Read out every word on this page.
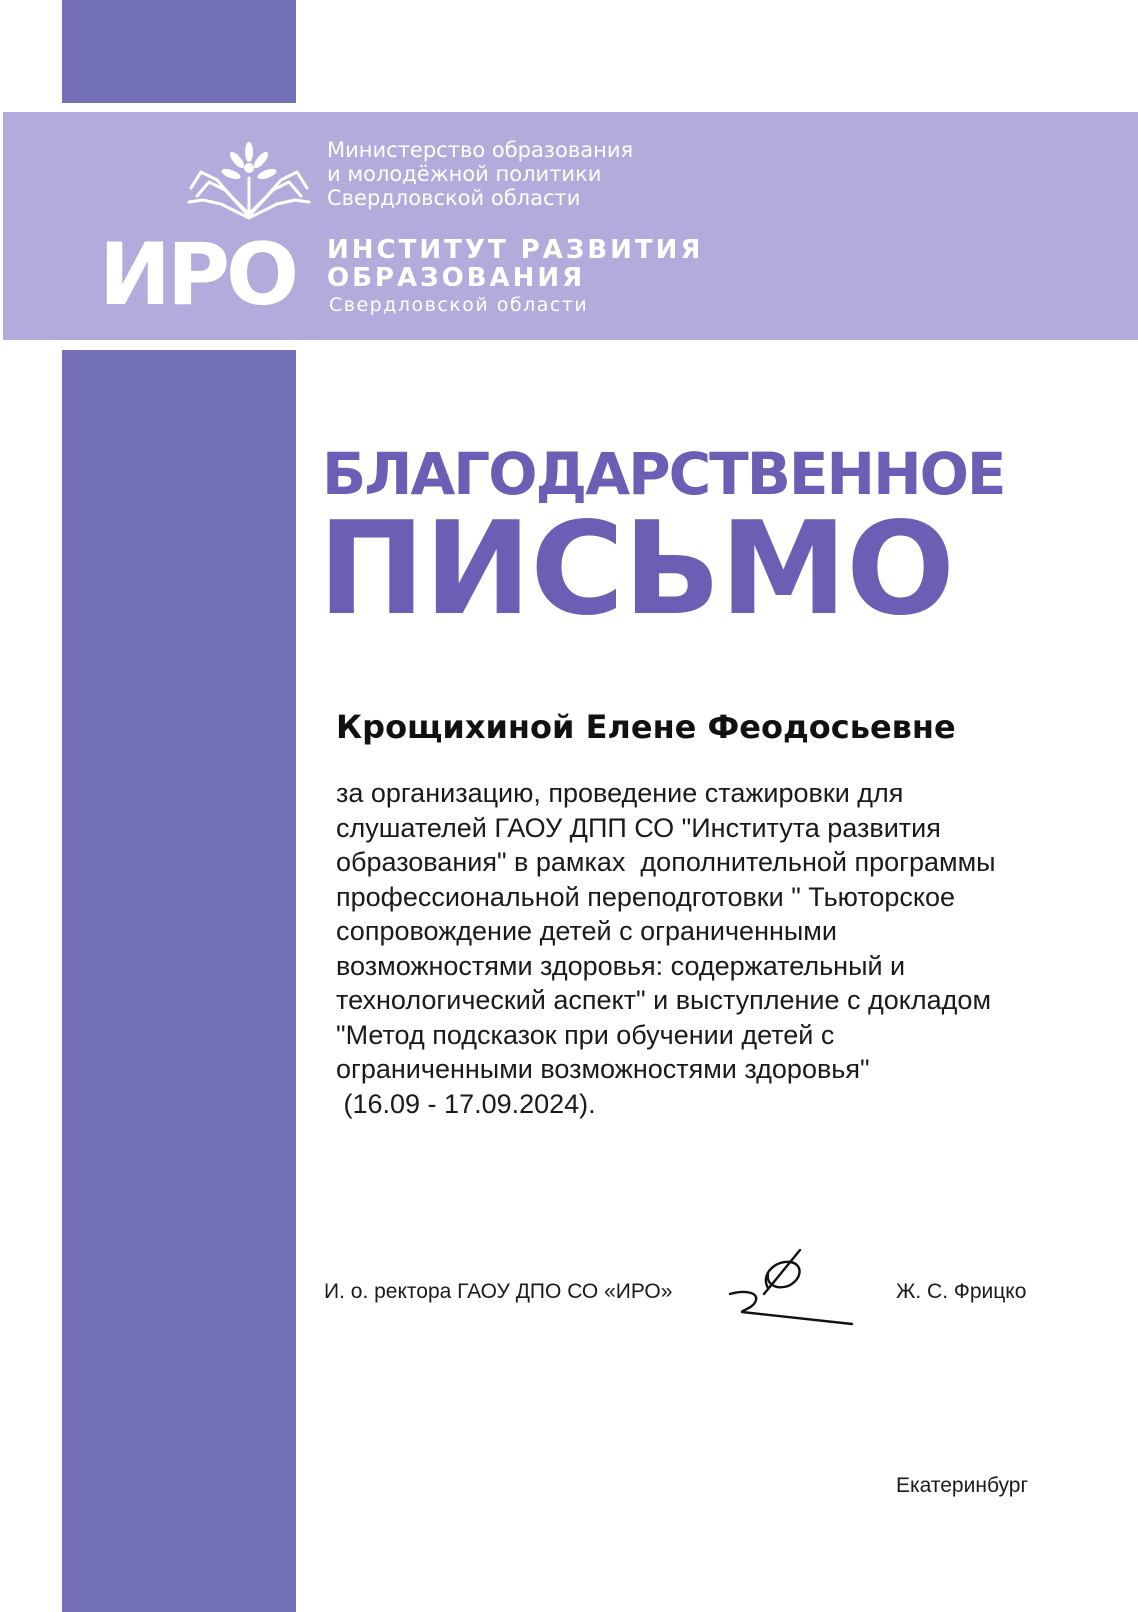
Министерство образования
и молодёжной политики
Свердловской области
ИРО ИНСТИТУТ РАЗВИТИЯ
ОБРАЗОВАНИЯ
Свердловской области
БЛАГОДАРСТВЕННОЕ
ПИСЬМО
Крощихиной Елене Феодосьевне
за организацию, проведение стажировки для
слушателей ГАОУ ДПП СО "Института развития
образования" в рамках  дополнительной программы
профессиональной переподготовки " Тьюторское
сопровождение детей с ограниченными
возможностями здоровья: содержательный и
технологический аспект" и выступление с докладом
"Метод подсказок при обучении детей с
ограниченными возможностями здоровья"
(16.09 - 17.09.2024).
И. о. ректора ГАОУ ДПО СО «ИРО»	Ж. С. Фрицко
Екатеринбург
